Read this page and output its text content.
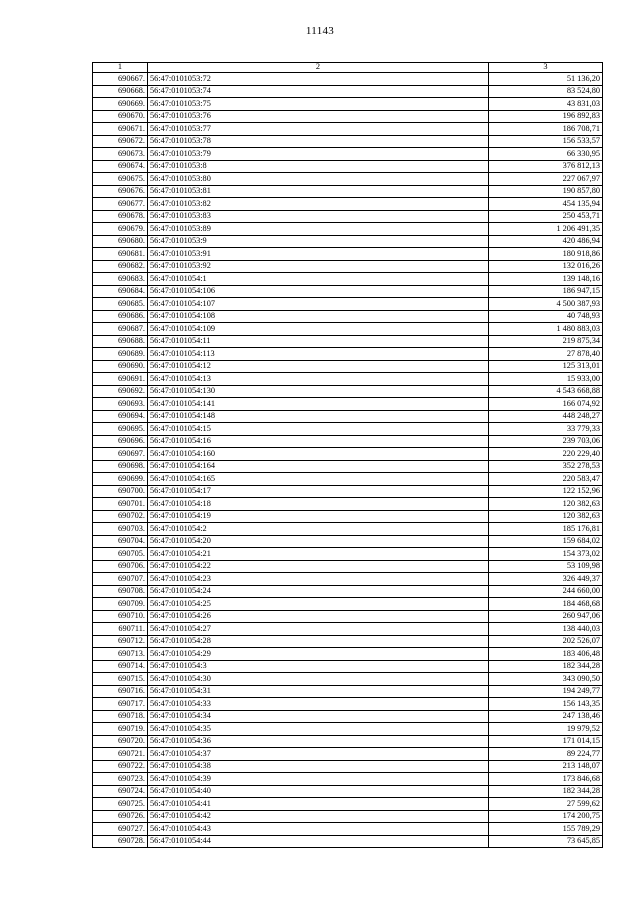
11143
1	2	3
690667.	56:47:0101053:72	51 136,20
690668.	56:47:0101053:74	83 524,80
690669.	56:47:0101053:75	43 831,03
690670.	56:47:0101053:76	196 892,83
690671.	56:47:0101053:77	186 708,71
690672.	56:47:0101053:78	156 533,57
690673.	56:47:0101053:79	66 330,95
690674.	56:47:0101053:8	376 812,13
690675.	56:47:0101053:80	227 067,97
690676.	56:47:0101053:81	190 857,80
690677.	56:47:0101053:82	454 135,94
690678.	56:47:0101053:83	250 453,71
690679.	56:47:0101053:89	1 206 491,35
690680.	56:47:0101053:9	420 486,94
690681.	56:47:0101053:91	180 918,86
690682.	56:47:0101053:92	132 016,26
690683.	56:47:0101054:1	139 148,16
690684.	56:47:0101054:106	186 947,15
690685.	56:47:0101054:107	4 500 387,93
690686.	56:47:0101054:108	40 748,93
690687.	56:47:0101054:109	1 480 883,03
690688.	56:47:0101054:11	219 875,34
690689.	56:47:0101054:113	27 878,40
690690.	56:47:0101054:12	125 313,01
690691.	56:47:0101054:13	15 933,00
690692.	56:47:0101054:130	4 543 668,88
690693.	56:47:0101054:141	166 074,92
690694.	56:47:0101054:148	448 248,27
690695.	56:47:0101054:15	33 779,33
690696.	56:47:0101054:16	239 703,06
690697.	56:47:0101054:160	220 229,40
690698.	56:47:0101054:164	352 278,53
690699.	56:47:0101054:165	220 583,47
690700.	56:47:0101054:17	122 152,96
690701.	56:47:0101054:18	120 382,63
690702.	56:47:0101054:19	120 382,63
690703.	56:47:0101054:2	185 176,81
690704.	56:47:0101054:20	159 684,02
690705.	56:47:0101054:21	154 373,02
690706.	56:47:0101054:22	53 109,98
690707.	56:47:0101054:23	326 449,37
690708.	56:47:0101054:24	244 660,00
690709.	56:47:0101054:25	184 468,68
690710.	56:47:0101054:26	260 947,06
690711.	56:47:0101054:27	138 440,03
690712.	56:47:0101054:28	202 526,07
690713.	56:47:0101054:29	183 406,48
690714.	56:47:0101054:3	182 344,28
690715.	56:47:0101054:30	343 090,50
690716.	56:47:0101054:31	194 249,77
690717.	56:47:0101054:33	156 143,35
690718.	56:47:0101054:34	247 138,46
690719.	56:47:0101054:35	19 979,52
690720.	56:47:0101054:36	171 014,15
690721.	56:47:0101054:37	89 224,77
690722.	56:47:0101054:38	213 148,07
690723.	56:47:0101054:39	173 846,68
690724.	56:47:0101054:40	182 344,28
690725.	56:47:0101054:41	27 599,62
690726.	56:47:0101054:42	174 200,75
690727.	56:47:0101054:43	155 789,29
690728.	56:47:0101054:44	73 645,85
